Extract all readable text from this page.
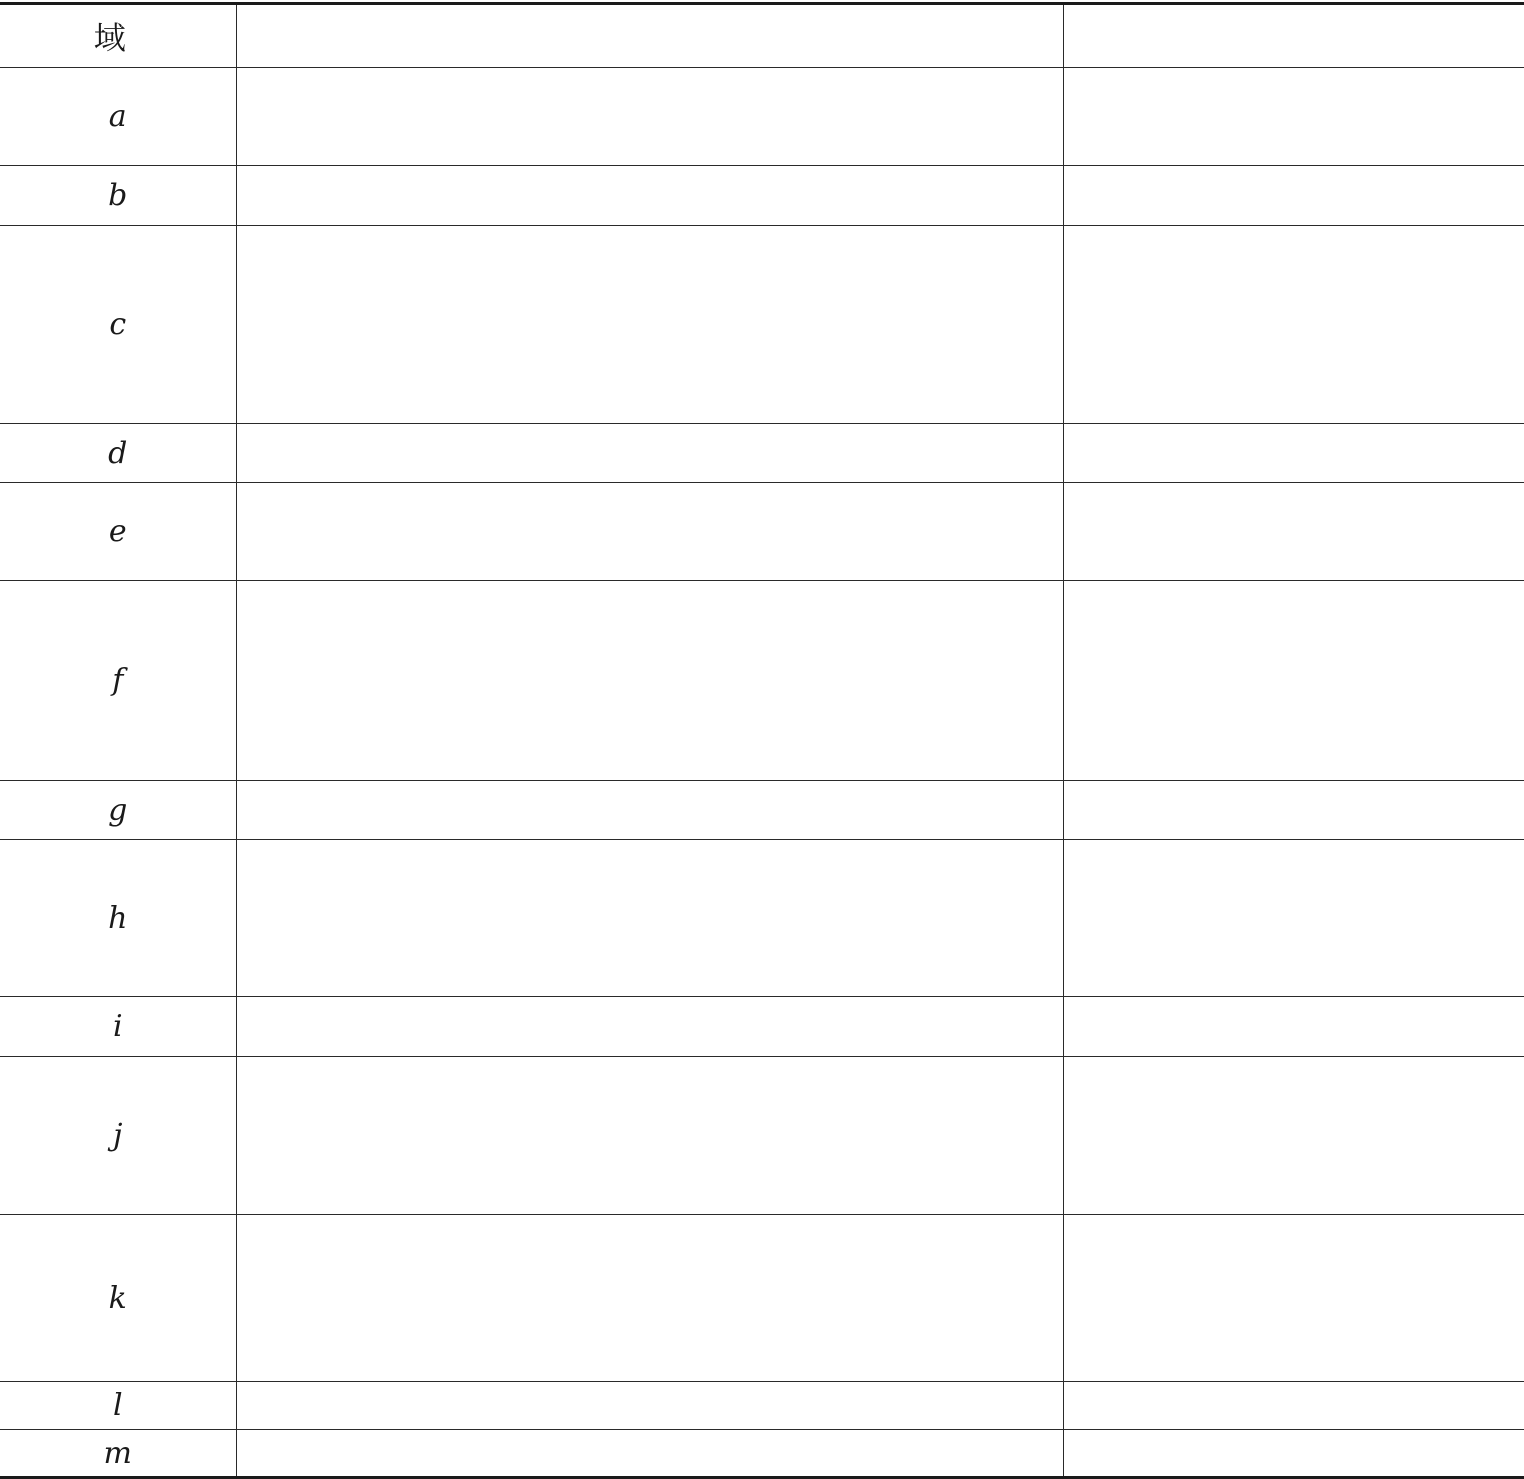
域		
a		
b		
c		
d		
e		
f		
g		
h		
i		
j		
k		
l		
m		
